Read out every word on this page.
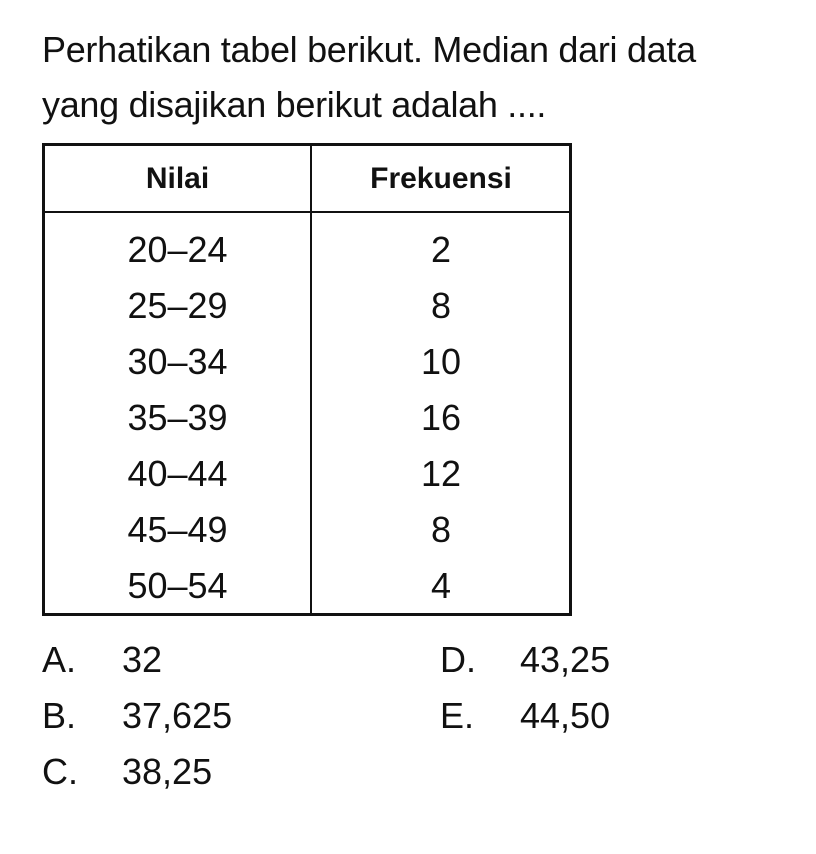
Perhatikan tabel berikut. Median dari data
yang disajikan berikut adalah ....
Nilai	Frekuensi
20–24	2
25–29	8
30–34	10
35–39	16
40–44	12
45–49	8
50–54	4
A. 32
B. 37,625
C. 38,25
D. 43,25
E. 44,50
